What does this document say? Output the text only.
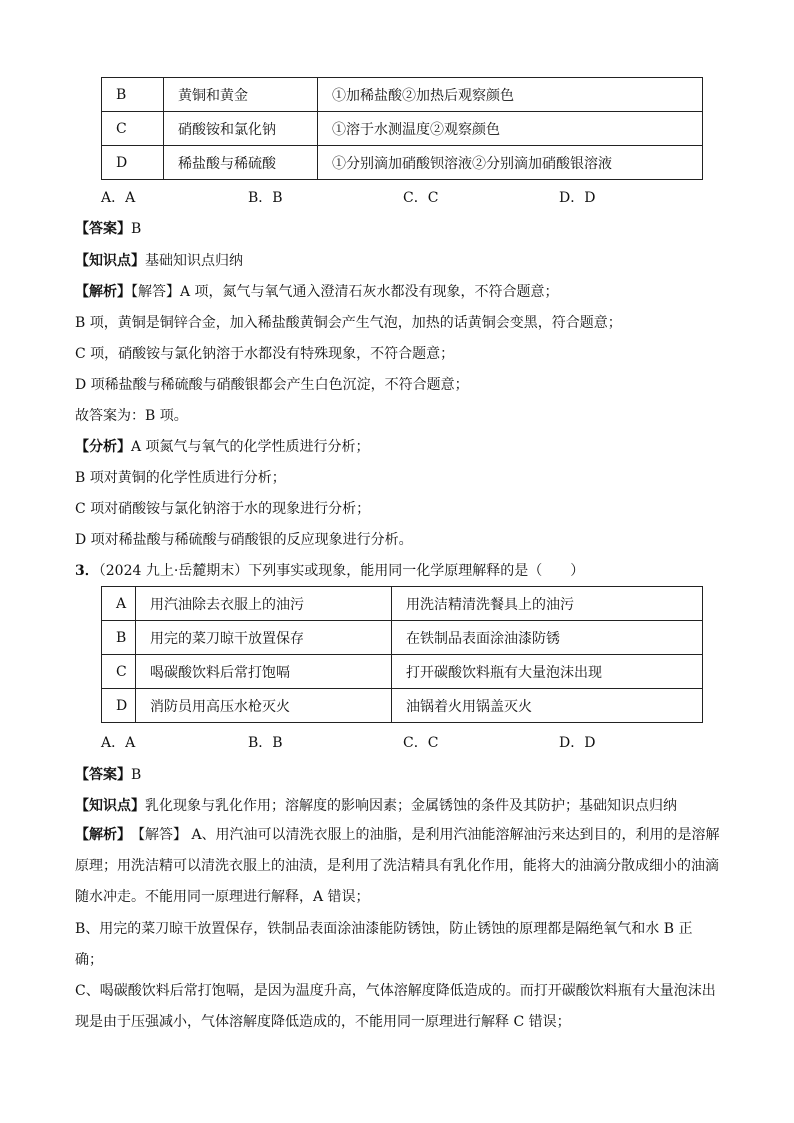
B	黄铜和黄金	①加稀盐酸②加热后观察颜色
C	硝酸铵和氯化钠	①溶于水测温度②观察颜色
D	稀盐酸与稀硫酸	①分别滴加硝酸钡溶液②分别滴加硝酸银溶液
A．A	B．B	C．C	D．D
【答案】B
【知识点】基础知识点归纳
【解析】【解答】A 项，氮气与氧气通入澄清石灰水都没有现象，不符合题意；
B 项，黄铜是铜锌合金，加入稀盐酸黄铜会产生气泡，加热的话黄铜会变黑，符合题意；
C 项，硝酸铵与氯化钠溶于水都没有特殊现象，不符合题意；
D 项稀盐酸与稀硫酸与硝酸银都会产生白色沉淀，不符合题意；
故答案为：B 项。
【分析】A 项氮气与氧气的化学性质进行分析；
B 项对黄铜的化学性质进行分析；
C 项对硝酸铵与氯化钠溶于水的现象进行分析；
D 项对稀盐酸与稀硫酸与硝酸银的反应现象进行分析。
3．（2024 九上·岳麓期末）下列事实或现象，能用同一化学原理解释的是（　　）
A	用汽油除去衣服上的油污	用洗洁精清洗餐具上的油污
B	用完的菜刀晾干放置保存	在铁制品表面涂油漆防锈
C	喝碳酸饮料后常打饱嗝	打开碳酸饮料瓶有大量泡沫出现
D	消防员用高压水枪灭火	油锅着火用锅盖灭火
A．A	B．B	C．C	D．D
【答案】B
【知识点】乳化现象与乳化作用；溶解度的影响因素；金属锈蚀的条件及其防护；基础知识点归纳
【解析】　【解答】 A、用汽油可以清洗衣服上的油脂，是利用汽油能溶解油污来达到目的，利用的是溶解原理；用洗洁精可以清洗衣服上的油渍，是利用了洗洁精具有乳化作用，能将大的油滴分散成细小的油滴随水冲走。不能用同一原理进行解释，A 错误；
B、用完的菜刀晾干放置保存，铁制品表面涂油漆能防锈蚀，防止锈蚀的原理都是隔绝氧气和水 B 正确；
C、喝碳酸饮料后常打饱嗝，是因为温度升高，气体溶解度降低造成的。而打开碳酸饮料瓶有大量泡沫出现是由于压强减小，气体溶解度降低造成的，不能用同一原理进行解释 C 错误；
